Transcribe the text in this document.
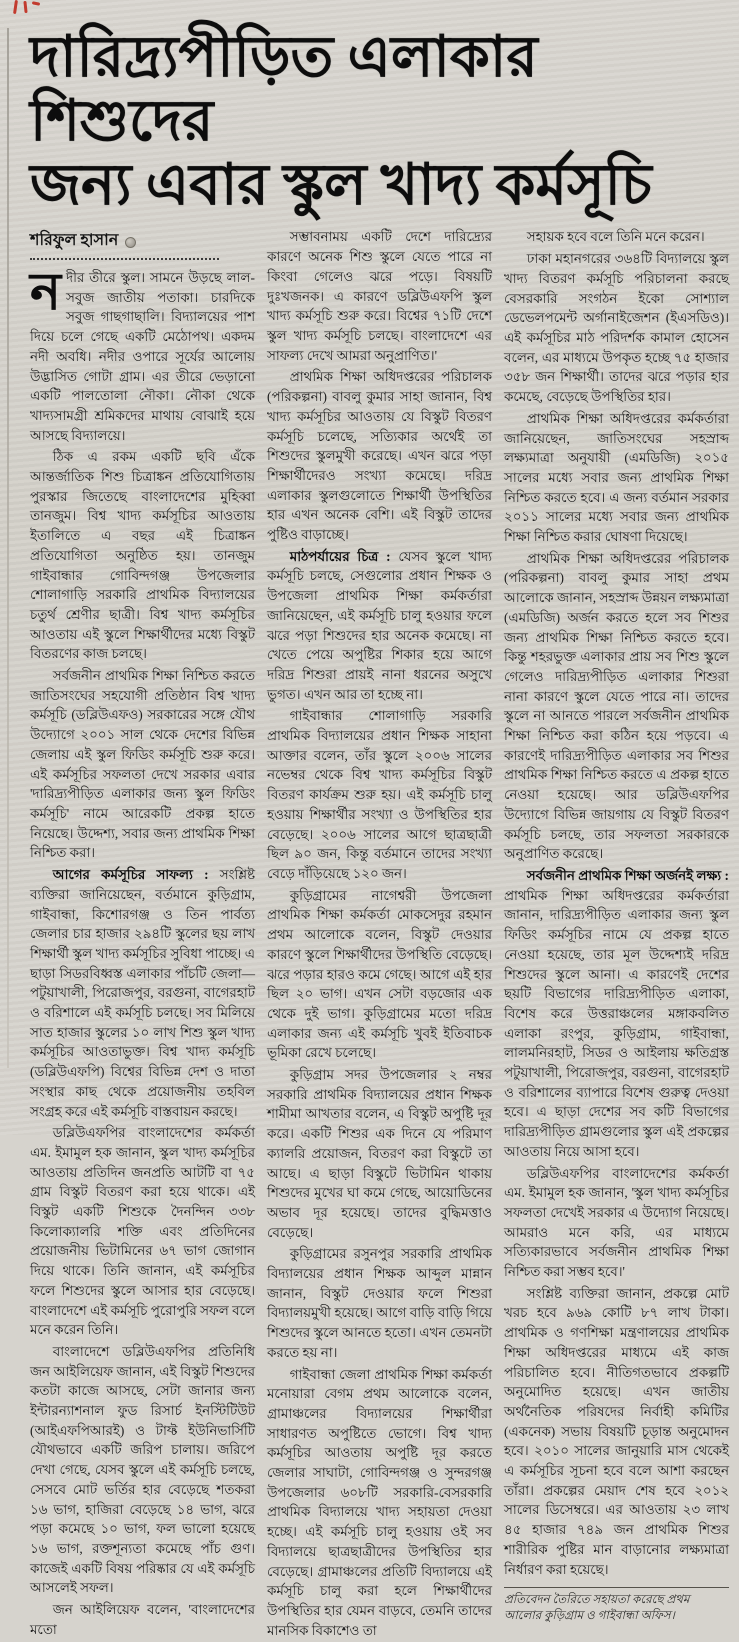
দারিদ্র্যপীড়িত এলাকার শিশুদের
জন্য এবার স্কুল খাদ্য কর্মসূচি
শরিফুল হাসান

নদীর তীরে স্কুল। সামনে উড়ছে লাল-সবুজ জাতীয় পতাকা। চারদিকে সবুজ গাছগাছালি। বিদ্যালয়ের পাশ দিয়ে চলে গেছে একটি মেঠোপথ। একদম নদী অবধি। নদীর ওপারে সূর্যের আলোয় উদ্ভাসিত গোটা গ্রাম। এর তীরে ভেড়ানো একটি পালতোলা নৌকা। নৌকা থেকে খাদ্যসামগ্রী শ্রমিকদের মাথায় বোঝাই হয়ে আসছে বিদ্যালয়ে।

ঠিক এ রকম একটি ছবি এঁকে আন্তর্জাতিক শিশু চিত্রাঙ্কন প্রতিযোগিতায় পুরস্কার জিতেছে বাংলাদেশের মুহিব্বা তানজুম। বিশ্ব খাদ্য কর্মসূচির আওতায় ইতালিতে এ বছর এই চিত্রাঙ্কন প্রতিযোগিতা অনুষ্ঠিত হয়। তানজুম গাইবান্ধার গোবিন্দগঞ্জ উপজেলার শোলাগাড়ি সরকারি প্রাথমিক বিদ্যালয়ের চতুর্থ শ্রেণীর ছাত্রী। বিশ্ব খাদ্য কর্মসূচির আওতায় এই স্কুলে শিক্ষার্থীদের মধ্যে বিস্কুট বিতরণের কাজ চলছে।

সর্বজনীন প্রাথমিক শিক্ষা নিশ্চিত করতে জাতিসংঘের সহযোগী প্রতিষ্ঠান বিশ্ব খাদ্য কর্মসূচি (ডব্লিউএফও) সরকারের সঙ্গে যৌথ উদ্যোগে ২০০১ সাল থেকে দেশের বিভিন্ন জেলায় এই স্কুল ফিডিং কর্মসূচি শুরু করে। এই কর্মসূচির সফলতা দেখে সরকার এবার 'দারিদ্র্যপীড়িত এলাকার জন্য স্কুল ফিডিং কর্মসূচি' নামে আরেকটি প্রকল্প হাতে নিয়েছে। উদ্দেশ্য, সবার জন্য প্রাথমিক শিক্ষা নিশ্চিত করা।

আগের কর্মসূচির সাফল্য : সংশ্লিষ্ট ব্যক্তিরা জানিয়েছেন, বর্তমানে কুড়িগ্রাম, গাইবান্ধা, কিশোরগঞ্জ ও তিন পার্বত্য জেলার চার হাজার ২৯৪টি স্কুলের ছয় লাখ শিক্ষার্থী স্কুল খাদ্য কর্মসূচির সুবিধা পাচ্ছে। এ ছাড়া সিডরবিধ্বস্ত এলাকার পাঁচটি জেলা—পটুয়াখালী, পিরোজপুর, বরগুনা, বাগেরহাট ও বরিশালে এই কর্মসূচি চলছে। সব মিলিয়ে সাত হাজার স্কুলের ১০ লাখ শিশু স্কুল খাদ্য কর্মসূচির আওতাভুক্ত। বিশ্ব খাদ্য কর্মসূচি (ডব্লিউএফপি) বিশ্বের বিভিন্ন দেশ ও দাতা সংস্থার কাছ থেকে প্রয়োজনীয় তহবিল সংগ্রহ করে এই কর্মসূচি বাস্তবায়ন করছে।

ডব্লিউএফপির বাংলাদেশের কর্মকর্তা এম. ইমামুল হক জানান, স্কুল খাদ্য কর্মসূচির আওতায় প্রতিদিন জনপ্রতি আটটি বা ৭৫ গ্রাম বিস্কুট বিতরণ করা হয়ে থাকে। এই বিস্কুট একটি শিশুকে দৈনন্দিন ৩৩৮ কিলোক্যালরি শক্তি এবং প্রতিদিনের প্রয়োজনীয় ভিটামিনের ৬৭ ভাগ জোগান দিয়ে থাকে। তিনি জানান, এই কর্মসূচির ফলে শিশুদের স্কুলে আসার হার বেড়েছে। বাংলাদেশে এই কর্মসূচি পুরোপুরি সফল বলে মনে করেন তিনি।

বাংলাদেশে ডব্লিউএফপির প্রতিনিধি জন আইলিয়েফ জানান, এই বিস্কুট শিশুদের কতটা কাজে আসছে, সেটা জানার জন্য ইন্টারন্যাশনাল ফুড রিসার্চ ইনস্টিটিউট (আইএফপিআরই) ও টাফ্ট ইউনিভার্সিটি যৌথভাবে একটি জরিপ চালায়। জরিপে দেখা গেছে, যেসব স্কুলে এই কর্মসূচি চলছে, সেসবে মোট ভর্তির হার বেড়েছে শতকরা ১৬ ভাগ, হাজিরা বেড়েছে ১৪ ভাগ, ঝরে পড়া কমেছে ১০ ভাগ, ফল ভালো হয়েছে ১৬ ভাগ, রক্তশূন্যতা কমেছে পাঁচ গুণ। কাজেই একটি বিষয় পরিষ্কার যে এই কর্মসূচি আসলেই সফল।

জন আইলিয়েফ বলেন, 'বাংলাদেশের মতো

সম্ভাবনাময় একটি দেশে দারিদ্র্যের কারণে অনেক শিশু স্কুলে যেতে পারে না কিংবা গেলেও ঝরে পড়ে। বিষয়টি দুঃখজনক। এ কারণে ডব্লিউএফপি স্কুল খাদ্য কর্মসূচি শুরু করে। বিশ্বের ৭১টি দেশে স্কুল খাদ্য কর্মসূচি চলছে। বাংলাদেশে এর সাফল্য দেখে আমরা অনুপ্রাণিত।'

প্রাথমিক শিক্ষা অধিদপ্তরের পরিচালক (পরিকল্পনা) বাবলু কুমার সাহা জানান, বিশ্ব খাদ্য কর্মসূচির আওতায় যে বিস্কুট বিতরণ কর্মসূচি চলেছে, সত্যিকার অর্থেই তা শিশুদের স্কুলমুখী করেছে। এখন ঝরে পড়া শিক্ষার্থীদেরও সংখ্যা কমেছে। দরিদ্র এলাকার স্কুলগুলোতে শিক্ষার্থী উপস্থিতির হার এখন অনেক বেশি। এই বিস্কুট তাদের পুষ্টিও বাড়াচ্ছে।

মাঠপর্যায়ের চিত্র : যেসব স্কুলে খাদ্য কর্মসূচি চলছে, সেগুলোর প্রধান শিক্ষক ও উপজেলা প্রাথমিক শিক্ষা কর্মকর্তারা জানিয়েছেন, এই কর্মসূচি চালু হওয়ার ফলে ঝরে পড়া শিশুদের হার অনেক কমেছে। না খেতে পেয়ে অপুষ্টির শিকার হয়ে আগে দরিদ্র শিশুরা প্রায়ই নানা ধরনের অসুখে ভুগত। এখন আর তা হচ্ছে না।

গাইবান্ধার শোলাগাড়ি সরকারি প্রাথমিক বিদ্যালয়ের প্রধান শিক্ষক সাহানা আক্তার বলেন, তাঁর স্কুলে ২০০৬ সালের নভেম্বর থেকে বিশ্ব খাদ্য কর্মসূচির বিস্কুট বিতরণ কার্যক্রম শুরু হয়। এই কর্মসূচি চালু হওয়ায় শিক্ষার্থীর সংখ্যা ও উপস্থিতির হার বেড়েছে। ২০০৬ সালের আগে ছাত্রছাত্রী ছিল ৯০ জন, কিন্তু বর্তমানে তাদের সংখ্যা বেড়ে দাঁড়িয়েছে ১২০ জন।

কুড়িগ্রামের নাগেশ্বরী উপজেলা প্রাথমিক শিক্ষা কর্মকর্তা মোকসেদুর রহমান প্রথম আলোকে বলেন, বিস্কুট দেওয়ার কারণে স্কুলে শিক্ষার্থীদের উপস্থিতি বেড়েছে। ঝরে পড়ার হারও কমে গেছে। আগে এই হার ছিল ২০ ভাগ। এখন সেটা বড়জোর এক থেকে দুই ভাগ। কুড়িগ্রামের মতো দরিদ্র এলাকার জন্য এই কর্মসূচি খুবই ইতিবাচক ভূমিকা রেখে চলেছে।

কুড়িগ্রাম সদর উপজেলার ২ নম্বর সরকারি প্রাথমিক বিদ্যালয়ের প্রধান শিক্ষক শামীমা আখতার বলেন, এ বিস্কুট অপুষ্টি দূর করে। একটি শিশুর এক দিনে যে পরিমাণ ক্যালরি প্রয়োজন, বিতরণ করা বিস্কুটে তা আছে। এ ছাড়া বিস্কুটে ভিটামিন থাকায় শিশুদের মুখের ঘা কমে গেছে, আয়োডিনের অভাব দূর হয়েছে। তাদের বুদ্ধিমত্তাও বেড়েছে।

কুড়িগ্রামের রসুনপুর সরকারি প্রাথমিক বিদ্যালয়ের প্রধান শিক্ষক আব্দুল মান্নান জানান, বিস্কুট দেওয়ার ফলে শিশুরা বিদ্যালয়মুখী হয়েছে। আগে বাড়ি বাড়ি গিয়ে শিশুদের স্কুলে আনতে হতো। এখন তেমনটা করতে হয় না।

গাইবান্ধা জেলা প্রাথমিক শিক্ষা কর্মকর্তা মনোয়ারা বেগম প্রথম আলোকে বলেন, গ্রামাঞ্চলের বিদ্যালয়ের শিক্ষার্থীরা সাধারণত অপুষ্টিতে ভোগে। বিশ্ব খাদ্য কর্মসূচির আওতায় অপুষ্টি দূর করতে জেলার সাঘাটা, গোবিন্দগঞ্জ ও সুন্দরগঞ্জ উপজেলার ৬০৮টি সরকারি-বেসরকারি প্রাথমিক বিদ্যালয়ে খাদ্য সহায়তা দেওয়া হচ্ছে। এই কর্মসূচি চালু হওয়ায় ওই সব বিদ্যালয়ে ছাত্রছাত্রীদের উপস্থিতির হার বেড়েছে। গ্রামাঞ্চলের প্রতিটি বিদ্যালয়ে এই কর্মসূচি চালু করা হলে শিক্ষার্থীদের উপস্থিতির হার যেমন বাড়বে, তেমনি তাদের মানসিক বিকাশেও তা

সহায়ক হবে বলে তিনি মনে করেন।

ঢাকা মহানগরের ৩৬৪টি বিদ্যালয়ে স্কুল খাদ্য বিতরণ কর্মসূচি পরিচালনা করছে বেসরকারি সংগঠন ইকো সোশ্যাল ডেভেলপমেন্ট অর্গানাইজেশন (ইএসডিও)। এই কর্মসূচির মাঠ পরিদর্শক কামাল হোসেন বলেন, এর মাধ্যমে উপকৃত হচ্ছে ৭৫ হাজার ৩৫৮ জন শিক্ষার্থী। তাদের ঝরে পড়ার হার কমেছে, বেড়েছে উপস্থিতির হার।

প্রাথমিক শিক্ষা অধিদপ্তরের কর্মকর্তারা জানিয়েছেন, জাতিসংঘের সহস্রাব্দ লক্ষ্যমাত্রা অনুযায়ী (এমডিজি) ২০১৫ সালের মধ্যে সবার জন্য প্রাথমিক শিক্ষা নিশ্চিত করতে হবে। এ জন্য বর্তমান সরকার ২০১১ সালের মধ্যে সবার জন্য প্রাথমিক শিক্ষা নিশ্চিত করার ঘোষণা দিয়েছে।

প্রাথমিক শিক্ষা অধিদপ্তরের পরিচালক (পরিকল্পনা) বাবলু কুমার সাহা প্রথম আলোকে জানান, সহস্রাব্দ উন্নয়ন লক্ষ্যমাত্রা (এমডিজি) অর্জন করতে হলে সব শিশুর জন্য প্রাথমিক শিক্ষা নিশ্চিত করতে হবে। কিন্তু শহরভুক্ত এলাকার প্রায় সব শিশু স্কুলে গেলেও দারিদ্র্যপীড়িত এলাকার শিশুরা নানা কারণে স্কুলে যেতে পারে না। তাদের স্কুলে না আনতে পারলে সর্বজনীন প্রাথমিক শিক্ষা নিশ্চিত করা কঠিন হয়ে পড়বে। এ কারণেই দারিদ্র্যপীড়িত এলাকার সব শিশুর প্রাথমিক শিক্ষা নিশ্চিত করতে এ প্রকল্প হাতে নেওয়া হয়েছে। আর ডব্লিউএফপির উদ্যোগে বিভিন্ন জায়গায় যে বিস্কুট বিতরণ কর্মসূচি চলছে, তার সফলতা সরকারকে অনুপ্রাণিত করেছে।

সর্বজনীন প্রাথমিক শিক্ষা অর্জনই লক্ষ্য : প্রাথমিক শিক্ষা অধিদপ্তরের কর্মকর্তারা জানান, দারিদ্র্যপীড়িত এলাকার জন্য স্কুল ফিডিং কর্মসূচির নামে যে প্রকল্প হাতে নেওয়া হয়েছে, তার মূল উদ্দেশ্যই দরিদ্র শিশুদের স্কুলে আনা। এ কারণেই দেশের ছয়টি বিভাগের দারিদ্র্যপীড়িত এলাকা, বিশেষ করে উত্তরাঞ্চলের মঙ্গাকবলিত এলাকা রংপুর, কুড়িগ্রাম, গাইবান্ধা, লালমনিরহাট, সিডর ও আইলায় ক্ষতিগ্রস্ত পটুয়াখালী, পিরোজপুর, বরগুনা, বাগেরহাট ও বরিশালের ব্যাপারে বিশেষ গুরুত্ব দেওয়া হবে। এ ছাড়া দেশের সব কটি বিভাগের দারিদ্র্যপীড়িত গ্রামগুলোর স্কুল এই প্রকল্পের আওতায় নিয়ে আসা হবে।

ডব্লিউএফপির বাংলাদেশের কর্মকর্তা এম. ইমামুল হক জানান, 'স্কুল খাদ্য কর্মসূচির সফলতা দেখেই সরকার এ উদ্যোগ নিয়েছে। আমরাও মনে করি, এর মাধ্যমে সত্যিকারভাবে সর্বজনীন প্রাথমিক শিক্ষা নিশ্চিত করা সম্ভব হবে।'

সংশ্লিষ্ট ব্যক্তিরা জানান, প্রকল্পে মোট খরচ হবে ৯৬৯ কোটি ৮৭ লাখ টাকা। প্রাথমিক ও গণশিক্ষা মন্ত্রণালয়ের প্রাথমিক শিক্ষা অধিদপ্তরের মাধ্যমে এই কাজ পরিচালিত হবে। নীতিগতভাবে প্রকল্পটি অনুমোদিত হয়েছে। এখন জাতীয় অর্থনৈতিক পরিষদের নির্বাহী কমিটির (একনেক) সভায় বিষয়টি চূড়ান্ত অনুমোদন হবে। ২০১০ সালের জানুয়ারি মাস থেকেই এ কর্মসূচির সূচনা হবে বলে আশা করছেন তাঁরা। প্রকল্পের মেয়াদ শেষ হবে ২০১২ সালের ডিসেম্বরে। এর আওতায় ২৩ লাখ ৪৫ হাজার ৭৪৯ জন প্রাথমিক শিশুর শারীরিক পুষ্টির মান বাড়ানোর লক্ষ্যমাত্রা নির্ধারণ করা হয়েছে।

প্রতিবেদন তৈরিতে সহায়তা করেছে প্রথম আলোর কুড়িগ্রাম ও গাইবান্ধা অফিস।
